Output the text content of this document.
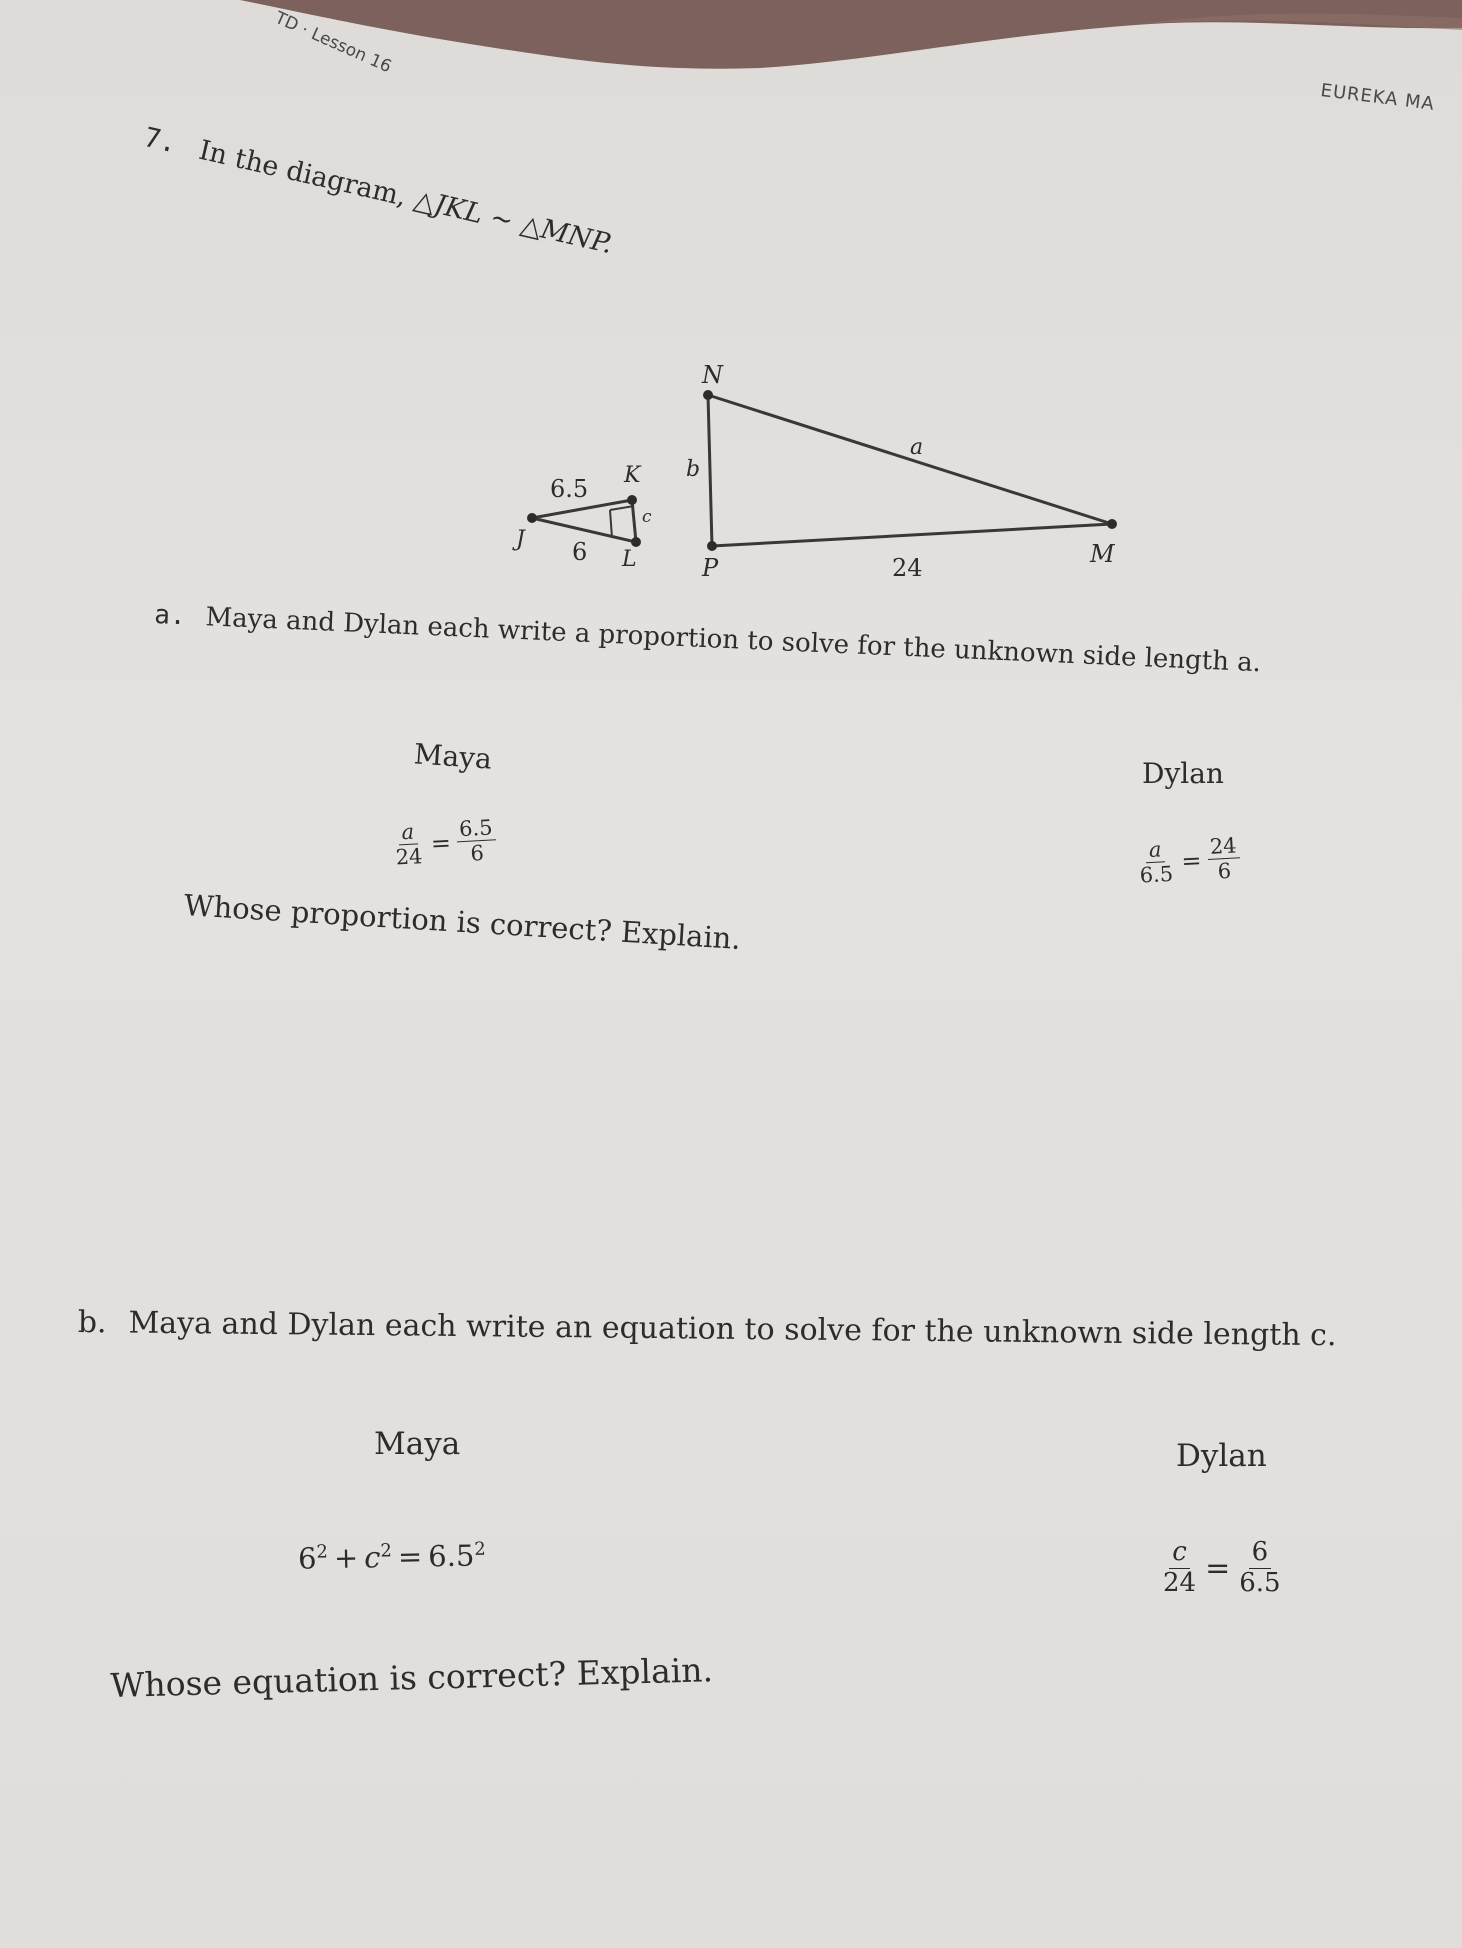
TD · Lesson 16
EUREKA MA
7. In the diagram, △JKL ~ △MNP.
N
a
b
K
6.5
c
J 6 L	P	24	M
a. Maya and Dylan each write a proportion to solve for the unknown side length a.
Maya	Dylan
$\frac{a}{24} = \frac{6.5}{6}$	$\frac{a}{6.5} = \frac{24}{6}$
Whose proportion is correct? Explain.
b. Maya and Dylan each write an equation to solve for the unknown side length c.
Maya	Dylan
$6^2 + c^2 = 6.5^2$	$\frac{c}{24} = \frac{6}{6.5}$
Whose equation is correct? Explain.
